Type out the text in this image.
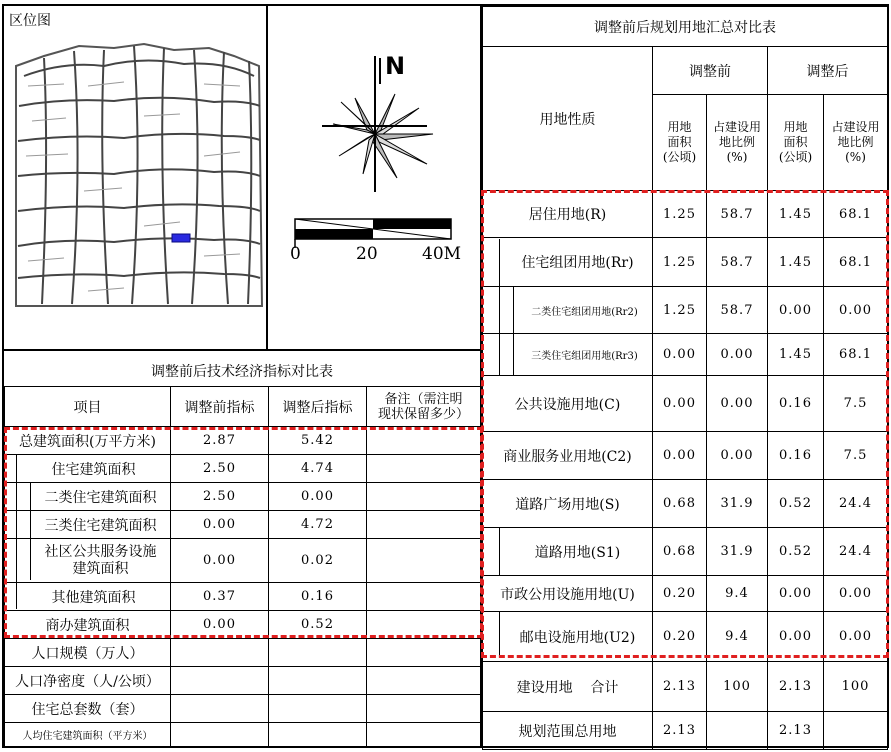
区位图
N
0	20	40M
调整前后技术经济指标对比表
项目	调整前指标	调整后指标	备注（需注明
现状保留多少）
总建筑面积(万平方米)	2.87	5.42	
住宅建筑面积	2.50	4.74	
二类住宅建筑面积	2.50	0.00	
三类住宅建筑面积	0.00	4.72	
社区公共服务设施
建筑面积	0.00	0.02	
其他建筑面积	0.37	0.16	
商办建筑面积	0.00	0.52	
人口规模（万人）			
人口净密度（人/公顷）			
住宅总套数（套）			
人均住宅建筑面积（平方米）			
调整前后规划用地汇总对比表				
用地性质	调整前		调整后	
	用地
面积
(公顷)	占建设用
地比例
(%)	用地
面积
(公顷)	占建设用
地比例
(%)
居住用地(R)	1.25	58.7	1.45	68.1
住宅组团用地(Rr)	1.25	58.7	1.45	68.1
二类住宅组团用地(Rr2)	1.25	58.7	0.00	0.00
三类住宅组团用地(Rr3)	0.00	0.00	1.45	68.1
公共设施用地(C)	0.00	0.00	0.16	7.5
商业服务业用地(C2)	0.00	0.00	0.16	7.5
道路广场用地(S)	0.68	31.9	0.52	24.4
道路用地(S1)	0.68	31.9	0.52	24.4
市政公用设施用地(U)	0.20	9.4	0.00	0.00
邮电设施用地(U2)	0.20	9.4	0.00	0.00
建设用地    合计	2.13	100	2.13	100
规划范围总用地	2.13		2.13	
